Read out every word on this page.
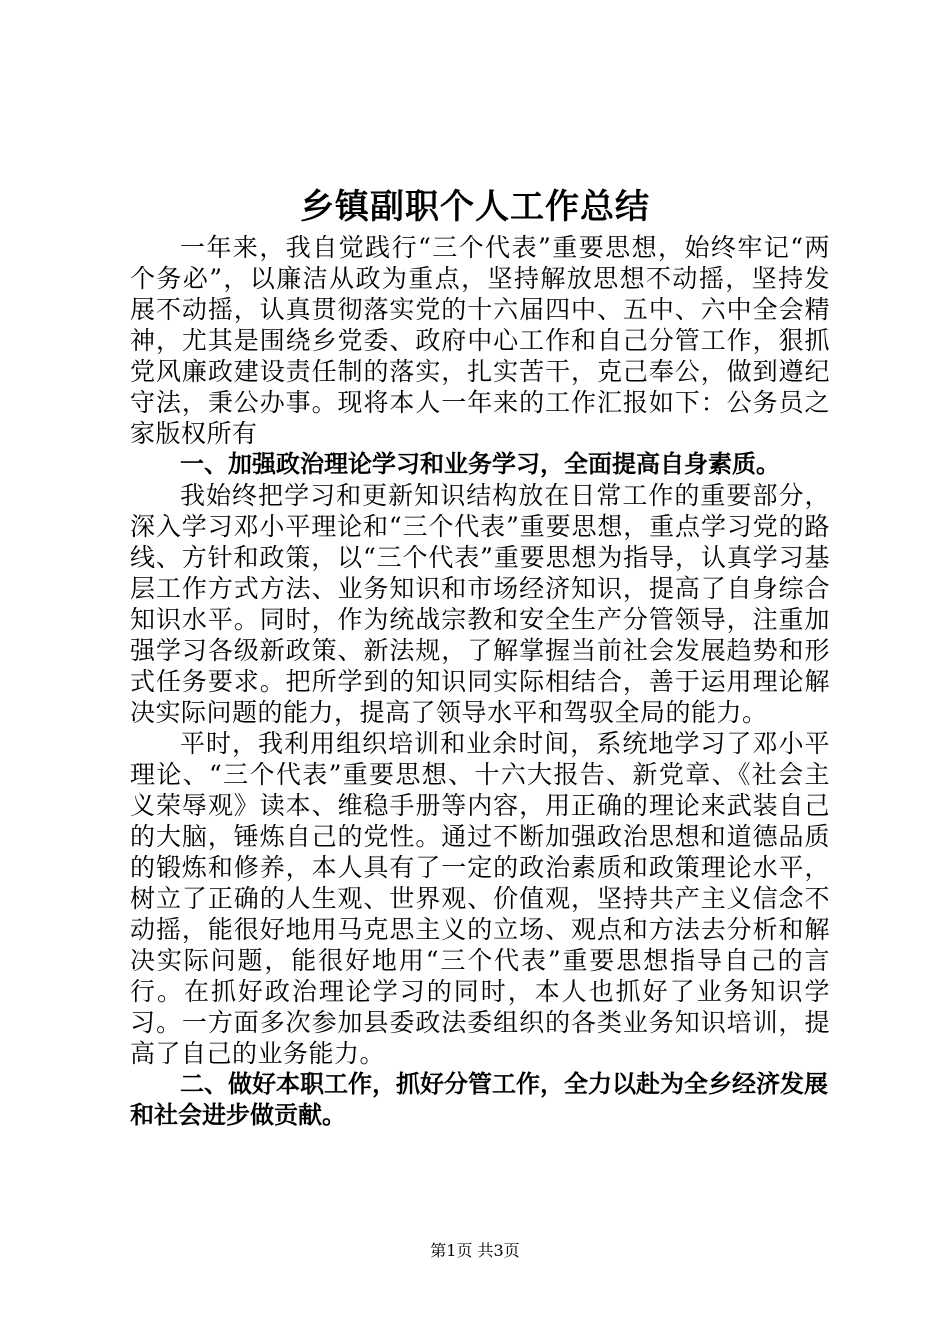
乡镇副职个人工作总结

一年来，我自觉践行“三个代表”重要思想，始终牢记“两个务必”，以廉洁从政为重点，坚持解放思想不动摇，坚持发展不动摇，认真贯彻落实党的十六届四中、五中、六中全会精神，尤其是围绕乡党委、政府中心工作和自己分管工作，狠抓党风廉政建设责任制的落实，扎实苦干，克己奉公，做到遵纪守法，秉公办事。现将本人一年来的工作汇报如下：公务员之家版权所有

一、加强政治理论学习和业务学习，全面提高自身素质。

我始终把学习和更新知识结构放在日常工作的重要部分，深入学习邓小平理论和“三个代表”重要思想，重点学习党的路线、方针和政策，以“三个代表”重要思想为指导，认真学习基层工作方式方法、业务知识和市场经济知识，提高了自身综合知识水平。同时，作为统战宗教和安全生产分管领导，注重加强学习各级新政策、新法规，了解掌握当前社会发展趋势和形式任务要求。把所学到的知识同实际相结合，善于运用理论解决实际问题的能力，提高了领导水平和驾驭全局的能力。

平时，我利用组织培训和业余时间，系统地学习了邓小平理论、“三个代表”重要思想、十六大报告、新党章、《社会主义荣辱观》读本、维稳手册等内容，用正确的理论来武装自己的大脑，锤炼自己的党性。通过不断加强政治思想和道德品质的锻炼和修养，本人具有了一定的政治素质和政策理论水平，树立了正确的人生观、世界观、价值观，坚持共产主义信念不动摇，能很好地用马克思主义的立场、观点和方法去分析和解决实际问题，能很好地用“三个代表”重要思想指导自己的言行。在抓好政治理论学习的同时，本人也抓好了业务知识学习。一方面多次参加县委政法委组织的各类业务知识培训，提高了自己的业务能力。

二、做好本职工作，抓好分管工作，全力以赴为全乡经济发展和社会进步做贡献。

第1页 共3页
